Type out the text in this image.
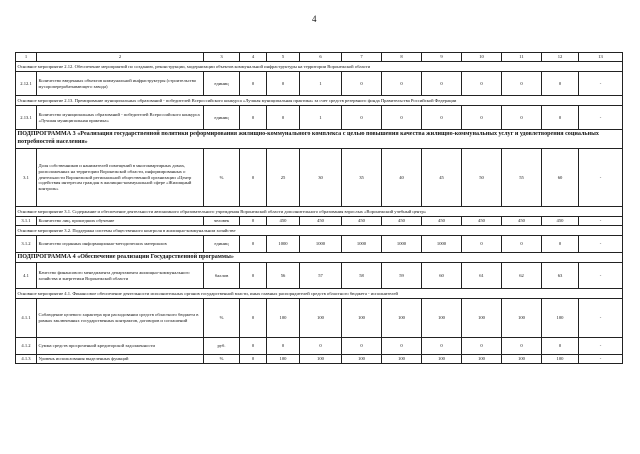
4
1	2	3	4	5	6	7	8	9	10	11	12	13
Основное мероприятие 2.12. Обеспечение мероприятий по созданию, реконструкции, модернизации объектов коммунальной инфраструктуры на территории Воронежской области												
2.12.1	Количество введенных объектов коммунальной инфраструктуры (строительство мусороперерабатывающего завода)	единиц	0	0	1	0	0	0	0	0	0	-
Основное мероприятие 2.13. Премирование муниципальных образований - победителей Всероссийского конкурса «Лучшая муниципальная практика» за счет средств резервного фонда Правительства Российской Федерации												
2.13.1	Количество муниципальных образований - победителей Всероссийского конкурса «Лучшая муниципальная практика»	единиц	0	0	1	0	0	0	0	0	0	-
ПОДПРОГРАММА 3 «Реализация государственной политики реформирования жилищно-коммунального комплекса с целью повышения качества жилищно-коммунальных услуг и удовлетворения социальных потребностей населения»												
3.1	Доля собственников и нанимателей помещений в многоквартирных домах, расположенных на территории Воронежской области, информированных о деятельности Воронежской региональной общественной организации «Центр содействия интересам граждан в жилищно-коммунальной сфере «Жилищный контроль»	%	0	25	30	35	40	45	50	55	60	-
Основное мероприятие 3.1. Содержание и обеспечение деятельности автономного образовательного учреждения Воронежской области дополнительного образования взрослых «Воронежский учебный центр»												
3.1.1	Количество лиц, прошедших обучение	человек	0	450	450	450	450	450	450	450	450	-
Основное мероприятие 3.2. Поддержка системы общественного контроля в жилищно-коммунальном хозяйстве												
3.1.2	Количество изданных информационно-методических материалов	единиц	0	1000	1000	1000	1000	1000	0	0	0	-
ПОДПРОГРАММА 4 «Обеспечение реализации Государственной программы»												
4.1	Качество финансового менеджмента департамента жилищно-коммунального хозяйства и энергетики Воронежской области	баллов	0	56	57	58	59	60	61	62	63	-
Основное мероприятие 4.1. Финансовое обеспечение деятельности исполнительных органов государственной власти, иных главных распорядителей средств областного бюджета - исполнителей												
4.1.1	Соблюдение целевого характера при расходовании средств областного бюджета в рамках заключенных государственных контрактов, договоров и соглашений	%	0	100	100	100	100	100	100	100	100	-
4.1.2	Сумма средств просроченной кредиторской задолженности	руб.	0	0	0	0	0	0	0	0	0	-
4.1.3	Уровень использования выделенных функций	%	0	100	100	100	100	100	100	100	100	-
